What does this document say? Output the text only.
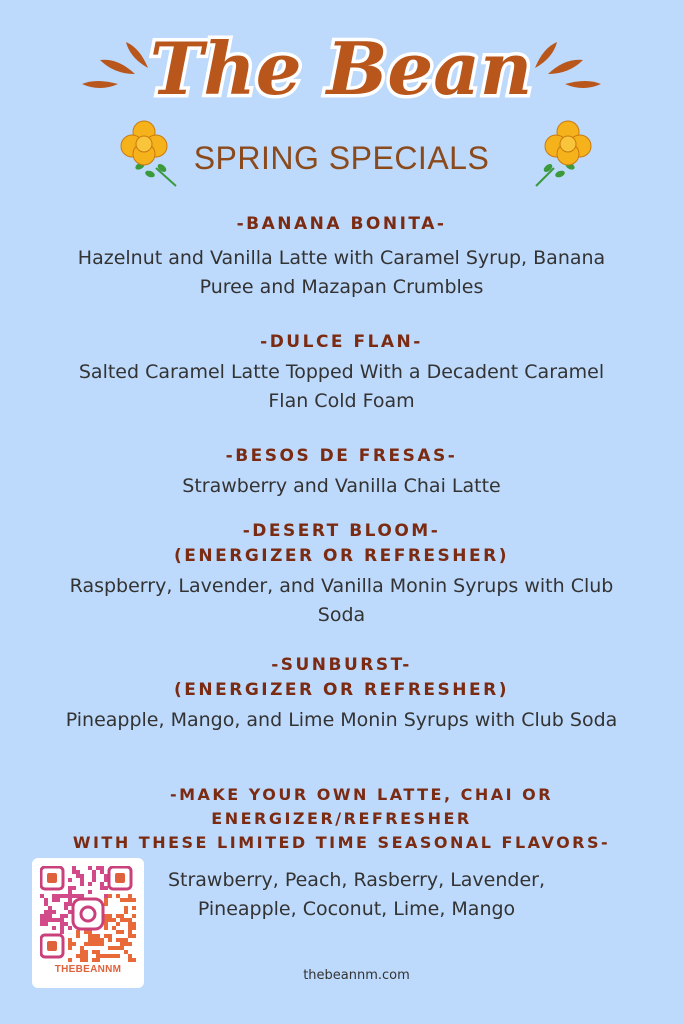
The Bean
SPRING SPECIALS
-BANANA BONITA-
Hazelnut and Vanilla Latte with Caramel Syrup, Banana
Puree and Mazapan Crumbles
-DULCE FLAN-
Salted Caramel Latte Topped With a Decadent Caramel
Flan Cold Foam
-BESOS DE FRESAS-
Strawberry and Vanilla Chai Latte
-DESERT BLOOM-
(ENERGIZER OR REFRESHER)
Raspberry, Lavender, and Vanilla Monin Syrups with Club
Soda
-SUNBURST-
(ENERGIZER OR REFRESHER)
Pineapple, Mango, and Lime Monin Syrups with Club Soda
-MAKE YOUR OWN LATTE, CHAI OR
ENERGIZER/REFRESHER
WITH THESE LIMITED TIME SEASONAL FLAVORS-
Strawberry, Peach, Rasberry, Lavender,
Pineapple, Coconut, Lime, Mango
THEBEANNM	thebeannm.com
